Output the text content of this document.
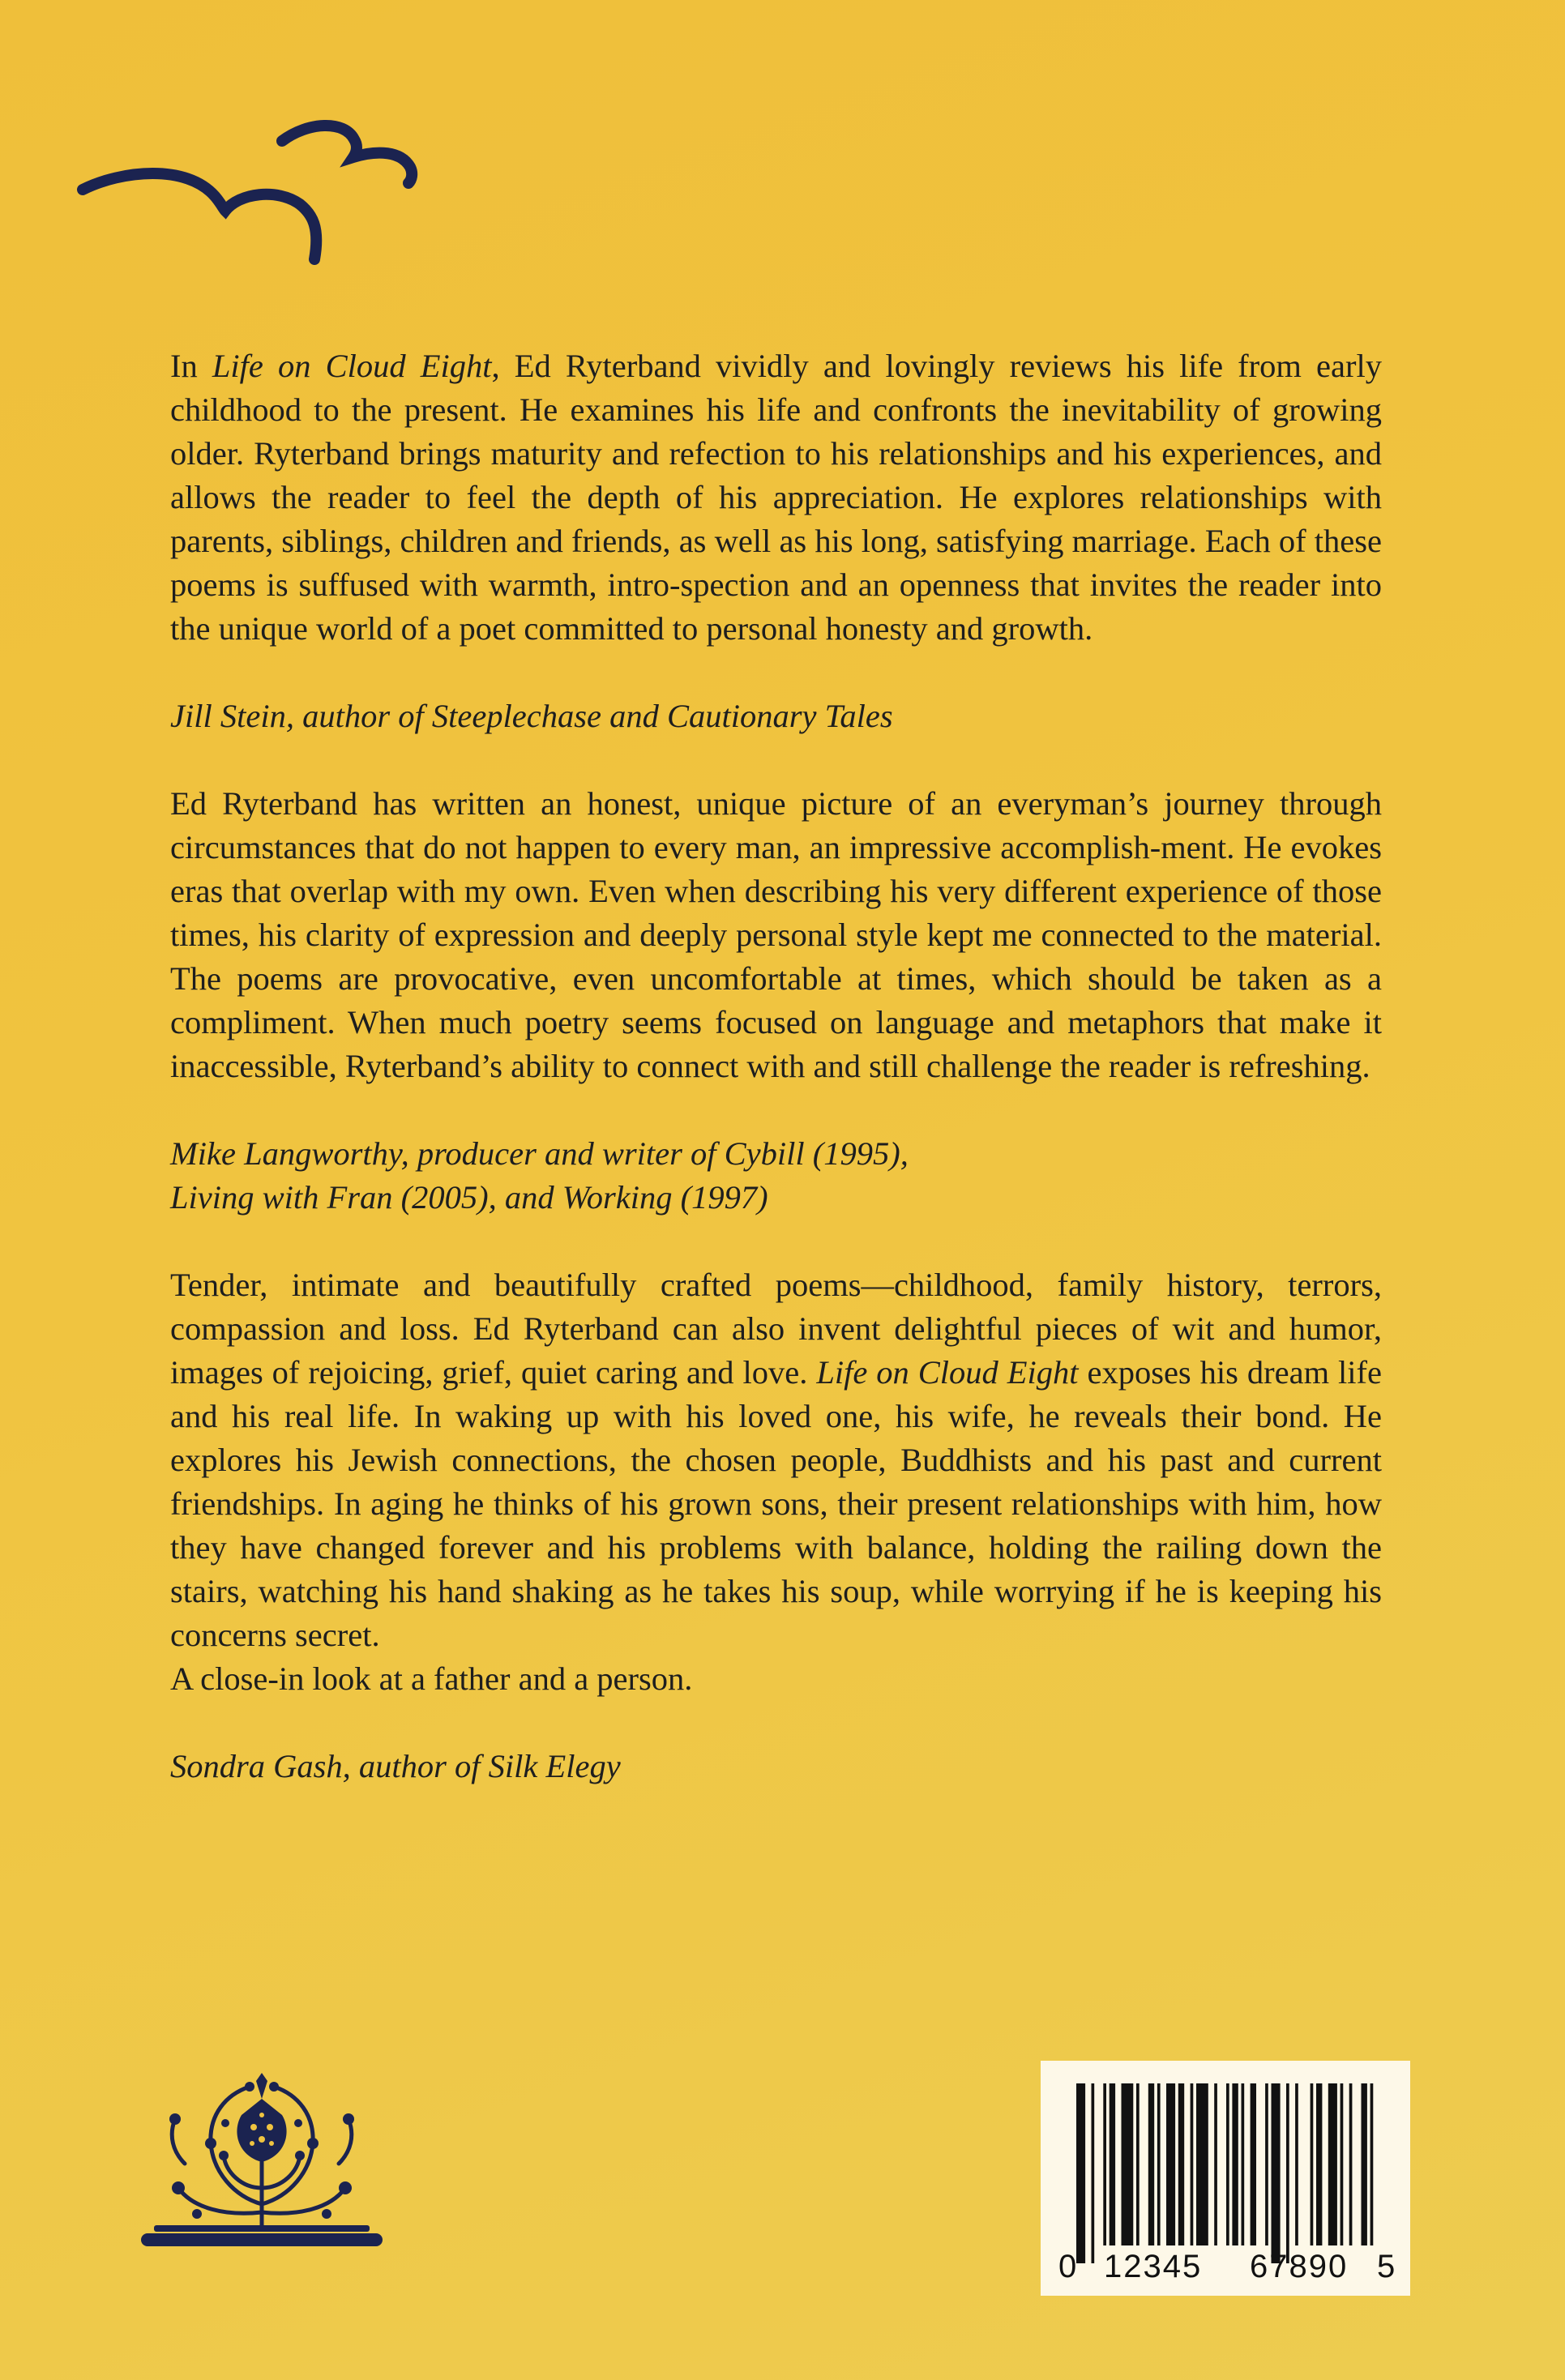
In Life on Cloud Eight, Ed Ryterband vividly and lovingly reviews his life from early childhood to the present. He examines his life and confronts the inevitability of growing older. Ryterband brings maturity and refection to his relationships and his experiences, and allows the reader to feel the depth of his appreciation. He explores relationships with parents, siblings, children and friends, as well as his long, satisfying marriage. Each of these poems is suffused with warmth, intro-spection and an openness that invites the reader into the unique world of a poet committed to personal honesty and growth.

Jill Stein, author of Steeplechase and Cautionary Tales

Ed Ryterband has written an honest, unique picture of an everyman’s journey through circumstances that do not happen to every man, an impressive accomplish-ment. He evokes eras that overlap with my own. Even when describing his very different experience of those times, his clarity of expression and deeply personal style kept me connected to the material. The poems are provocative, even uncomfortable at times, which should be taken as a compliment. When much poetry seems focused on language and metaphors that make it inaccessible, Ryterband’s ability to connect with and still challenge the reader is refreshing.

Mike Langworthy, producer and writer of Cybill (1995),

Living with Fran (2005), and Working (1997)

Tender, intimate and beautifully crafted poems—childhood, family history, terrors, compassion and loss. Ed Ryterband can also invent delightful pieces of wit and humor, images of rejoicing, grief, quiet caring and love. Life on Cloud Eight exposes his dream life and his real life. In waking up with his loved one, his wife, he reveals their bond. He explores his Jewish connections, the chosen people, Buddhists and his past and current friendships. In aging he thinks of his grown sons, their present relationships with him, how they have changed forever and his problems with balance, holding the railing down the stairs, watching his hand shaking as he takes his soup, while worrying if he is keeping his concerns secret.

A close-in look at a father and a person.

Sondra Gash, author of Silk Elegy

0 12345 67890 5
